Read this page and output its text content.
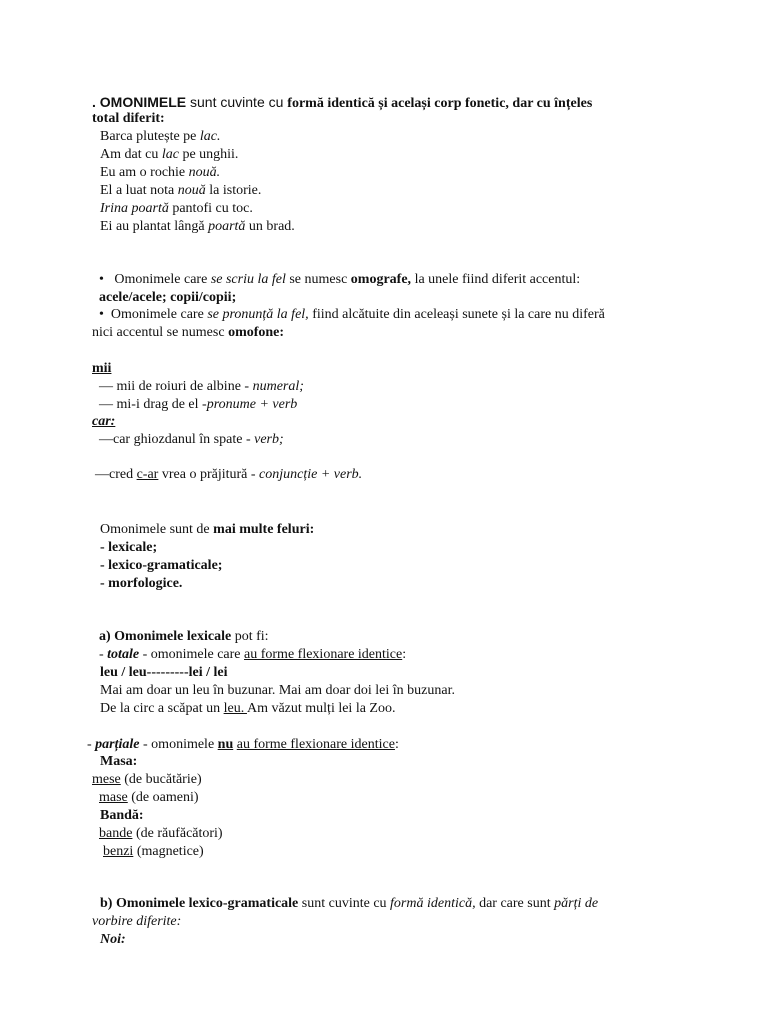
. OMONIMELE sunt cuvinte cu formă identică și același corp fonetic, dar cu înțeles
total diferit:
Barca plutește pe lac.
Am dat cu lac pe unghii.
Eu am o rochie nouă.
El a luat nota nouă la istorie.
Irina poartă pantofi cu toc.
Ei au plantat lângă poartă un brad.
• Omonimele care se scriu la fel se numesc omografe, la unele fiind diferit accentul:
acele/acele; copii/copii;
• Omonimele care se pronunță la fel, fiind alcătuite din aceleași sunete și la care nu diferă
nici accentul se numesc omofone:
mii
— mii de roiuri de albine - numeral;
— mi-i drag de el -pronume + verb
car:
—car ghiozdanul în spate - verb;
—cred c-ar vrea o prăjitură - conjuncție + verb.
Omonimele sunt de mai multe feluri:
- lexicale;
- lexico-gramaticale;
- morfologice.
a) Omonimele lexicale pot fi:
- totale - omonimele care au forme flexionare identice:
leu / leu---------lei / lei
Mai am doar un leu în buzunar. Mai am doar doi lei în buzunar.
De la circ a scăpat un leu. Am văzut mulți lei la Zoo.
- parțiale - omonimele nu au forme flexionare identice:
Masa:
mese (de bucătărie)
mase (de oameni)
Bandă:
bande (de răufăcători)
benzi (magnetice)
b) Omonimele lexico-gramaticale sunt cuvinte cu formă identică, dar care sunt părți de
vorbire diferite:
Noi:
